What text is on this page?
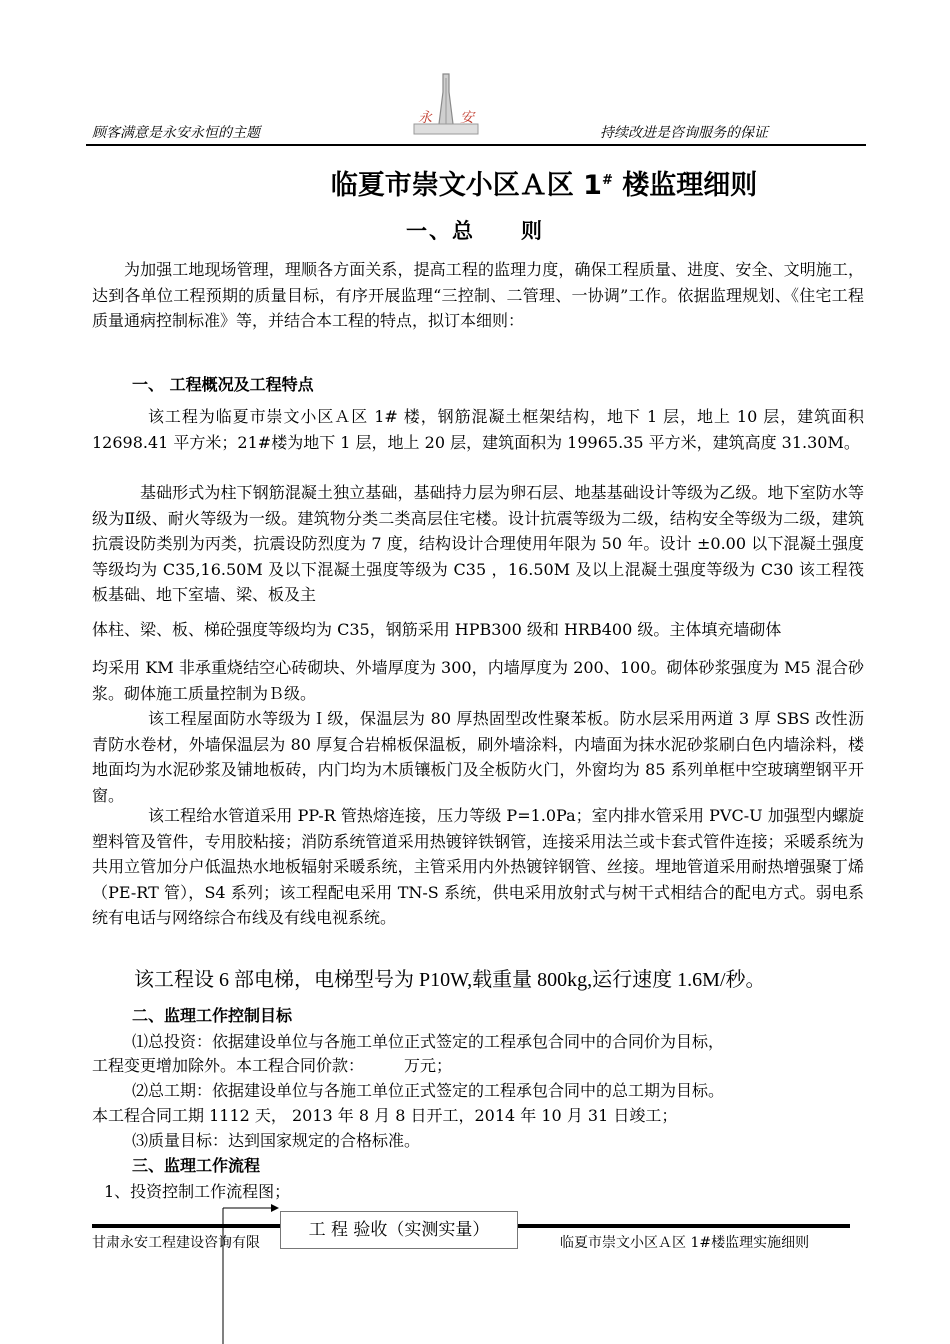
顾客满意是永安永恒的主题
永 安
持续改进是咨询服务的保证
临夏市崇文小区Ａ区 1# 楼监理细则
一、总　　则
为加强工地现场管理，理顺各方面关系，提高工程的监理力度，确保工程质量、进度、安全、文明施工，达到各单位工程预期的质量目标，有序开展监理“三控制、二管理、一协调”工作。依据监理规划、《住宅工程质量通病控制标准》等，并结合本工程的特点，拟订本细则：
一、 工程概况及工程特点
该工程为临夏市崇文小区Ａ区 1# 楼，钢筋混凝土框架结构，地下 1 层，地上 10 层，建筑面积 12698.41 平方米；21#楼为地下 1 层，地上 20 层，建筑面积为 19965.35 平方米，建筑高度 31.30M。
基础形式为柱下钢筋混凝土独立基础，基础持力层为卵石层、地基基础设计等级为乙级。地下室防水等级为Ⅱ级、耐火等级为一级。建筑物分类二类高层住宅楼。设计抗震等级为二级，结构安全等级为二级，建筑抗震设防类别为丙类，抗震设防烈度为 7 度，结构设计合理使用年限为 50 年。设计 ±0.00 以下混凝土强度等级均为 C35,16.50M 及以下混凝土强度等级为 C35 ，16.50M 及以上混凝土强度等级为 C30 该工程筏板基础、地下室墙、梁、板及主
体柱、梁、板、梯砼强度等级均为 C35，钢筋采用 HPB300 级和 HRB400 级。主体填充墙砌体
均采用 KM 非承重烧结空心砖砌块、外墙厚度为 300，内墙厚度为 200、100。砌体砂浆强度为 M5 混合砂浆。砌体施工质量控制为Ｂ级。
该工程屋面防水等级为Ｉ级，保温层为 80 厚热固型改性聚苯板。防水层采用两道 3 厚 SBS 改性沥青防水卷材，外墙保温层为 80 厚复合岩棉板保温板，刷外墙涂料，内墙面为抹水泥砂浆刷白色内墙涂料，楼地面均为水泥砂浆及铺地板砖，内门均为木质镶板门及全板防火门，外窗均为 85 系列单框中空玻璃塑钢平开窗。
该工程给水管道采用 PP-R 管热熔连接，压力等级 P=1.0Pa；室内排水管采用 PVC-U 加强型内螺旋塑料管及管件，专用胶粘接；消防系统管道采用热镀锌铁钢管，连接采用法兰或卡套式管件连接；采暖系统为共用立管加分户低温热水地板辐射采暖系统，主管采用内外热镀锌钢管、丝接。埋地管道采用耐热增强聚丁烯（PE-RT 管），S4 系列；该工程配电采用 TN-S 系统，供电采用放射式与树干式相结合的配电方式。弱电系统有电话与网络综合布线及有线电视系统。
该工程设 6 部电梯，电梯型号为 P10W,载重量 800kg,运行速度 1.6M/秒。
二、监理工作控制目标
⑴总投资：依据建设单位与各施工单位正式签定的工程承包合同中的合同价为目标，
工程变更增加除外。本工程合同价款：　　　万元；
⑵总工期：依据建设单位与各施工单位正式签定的工程承包合同中的总工期为目标。
本工程合同工期 1112 天， 2013 年 8 月 8 日开工，2014 年 10 月 31 日竣工；
⑶质量目标：达到国家规定的合格标准。
三、监理工作流程
1、投资控制工作流程图；
工 程 验收（实测实量）
甘肃永安工程建设咨询有限	临夏市崇文小区Ａ区 1#楼监理实施细则
